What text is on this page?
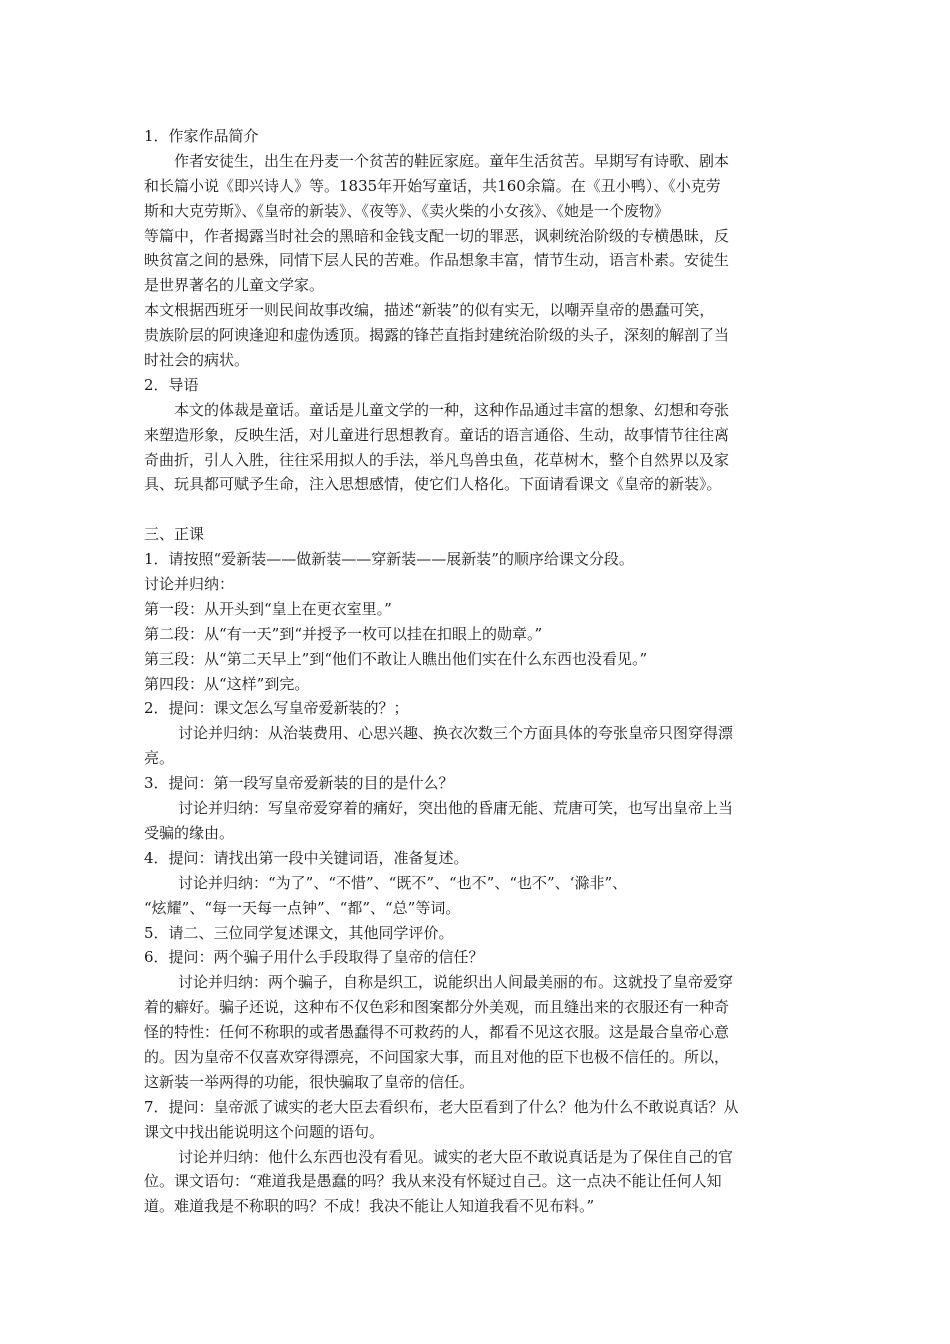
1．作家作品简介
作者安徒生，出生在丹麦一个贫苦的鞋匠家庭。童年生活贫苦。早期写有诗歌、剧本
和长篇小说《即兴诗人》等。1835年开始写童话，共160余篇。在《丑小鸭）、《小克劳
斯和大克劳斯》、《皇帝的新装》、《夜等》、《卖火柴的小女孩》、《她是一个废物》
等篇中，作者揭露当时社会的黑暗和金钱支配一切的罪恶，讽刺统治阶级的专横愚昧，反
映贫富之间的悬殊，同情下层人民的苦难。作品想象丰富，情节生动，语言朴素。安徒生
是世界著名的儿童文学家。
本文根据西班牙一则民间故事改编，描述“新装”的似有实无，以嘲弄皇帝的愚蠢可笑，
贵族阶层的阿谀逢迎和虚伪透顶。揭露的锋芒直指封建统治阶级的头子，深刻的解剖了当
时社会的病状。
2．导语
本文的体裁是童话。童话是儿童文学的一种，这种作品通过丰富的想象、幻想和夸张
来塑造形象，反映生活，对儿童进行思想教育。童话的语言通俗、生动，故事情节往往离
奇曲折，引人入胜，往往采用拟人的手法，举凡鸟兽虫鱼，花草树木，整个自然界以及家
具、玩具都可赋予生命，注入思想感情，使它们人格化。下面请看课文《皇帝的新装》。
三、正课
1．请按照“爱新装——做新装——穿新装——展新装”的顺序给课文分段。
讨论并归纳：
第一段：从开头到“皇上在更衣室里。”
第二段：从“有一天”到“并授予一枚可以挂在扣眼上的勋章。”
第三段：从“第二天早上”到“他们不敢让人瞧出他们实在什么东西也没看见。”
第四段：从“这样”到完。
2．提问：课文怎么写皇帝爱新装的？；
讨论并归纳：从治装费用、心思兴趣、换衣次数三个方面具体的夸张皇帝只图穿得漂
亮。
3．提问：第一段写皇帝爱新装的目的是什么？
讨论并归纳：写皇帝爱穿着的痛好，突出他的昏庸无能、荒唐可笑，也写出皇帝上当
受骗的缘由。
4．提问：请找出第一段中关键词语，准备复述。
讨论并归纳：“为了”、“不惜”、“既不”、“也不”、“也不”、‘滁非”、
“炫耀”、“每一天每一点钟”、“都”、“总”等词。
5．请二、三位同学复述课文，其他同学评价。
6．提问：两个骗子用什么手段取得了皇帝的信任？
讨论并归纳：两个骗子，自称是织工，说能织出人间最美丽的布。这就投了皇帝爱穿
着的癖好。骗子还说，这种布不仅色彩和图案都分外美观，而且缝出来的衣服还有一种奇
怪的特性：任何不称职的或者愚蠢得不可救药的人，都看不见这衣服。这是最合皇帝心意
的。因为皇帝不仅喜欢穿得漂亮，不问国家大事，而且对他的臣下也极不信任的。所以，
这新装一举两得的功能，很快骗取了皇帝的信任。
7．提问：皇帝派了诚实的老大臣去看织布，老大臣看到了什么？他为什么不敢说真话？从
课文中找出能说明这个问题的语句。
讨论并归纳：他什么东西也没有看见。诚实的老大臣不敢说真话是为了保住自己的官
位。课文语句：“难道我是愚蠢的吗？我从来没有怀疑过自己。这一点决不能让任何人知
道。难道我是不称职的吗？不成！我决不能让人知道我看不见布料。”
